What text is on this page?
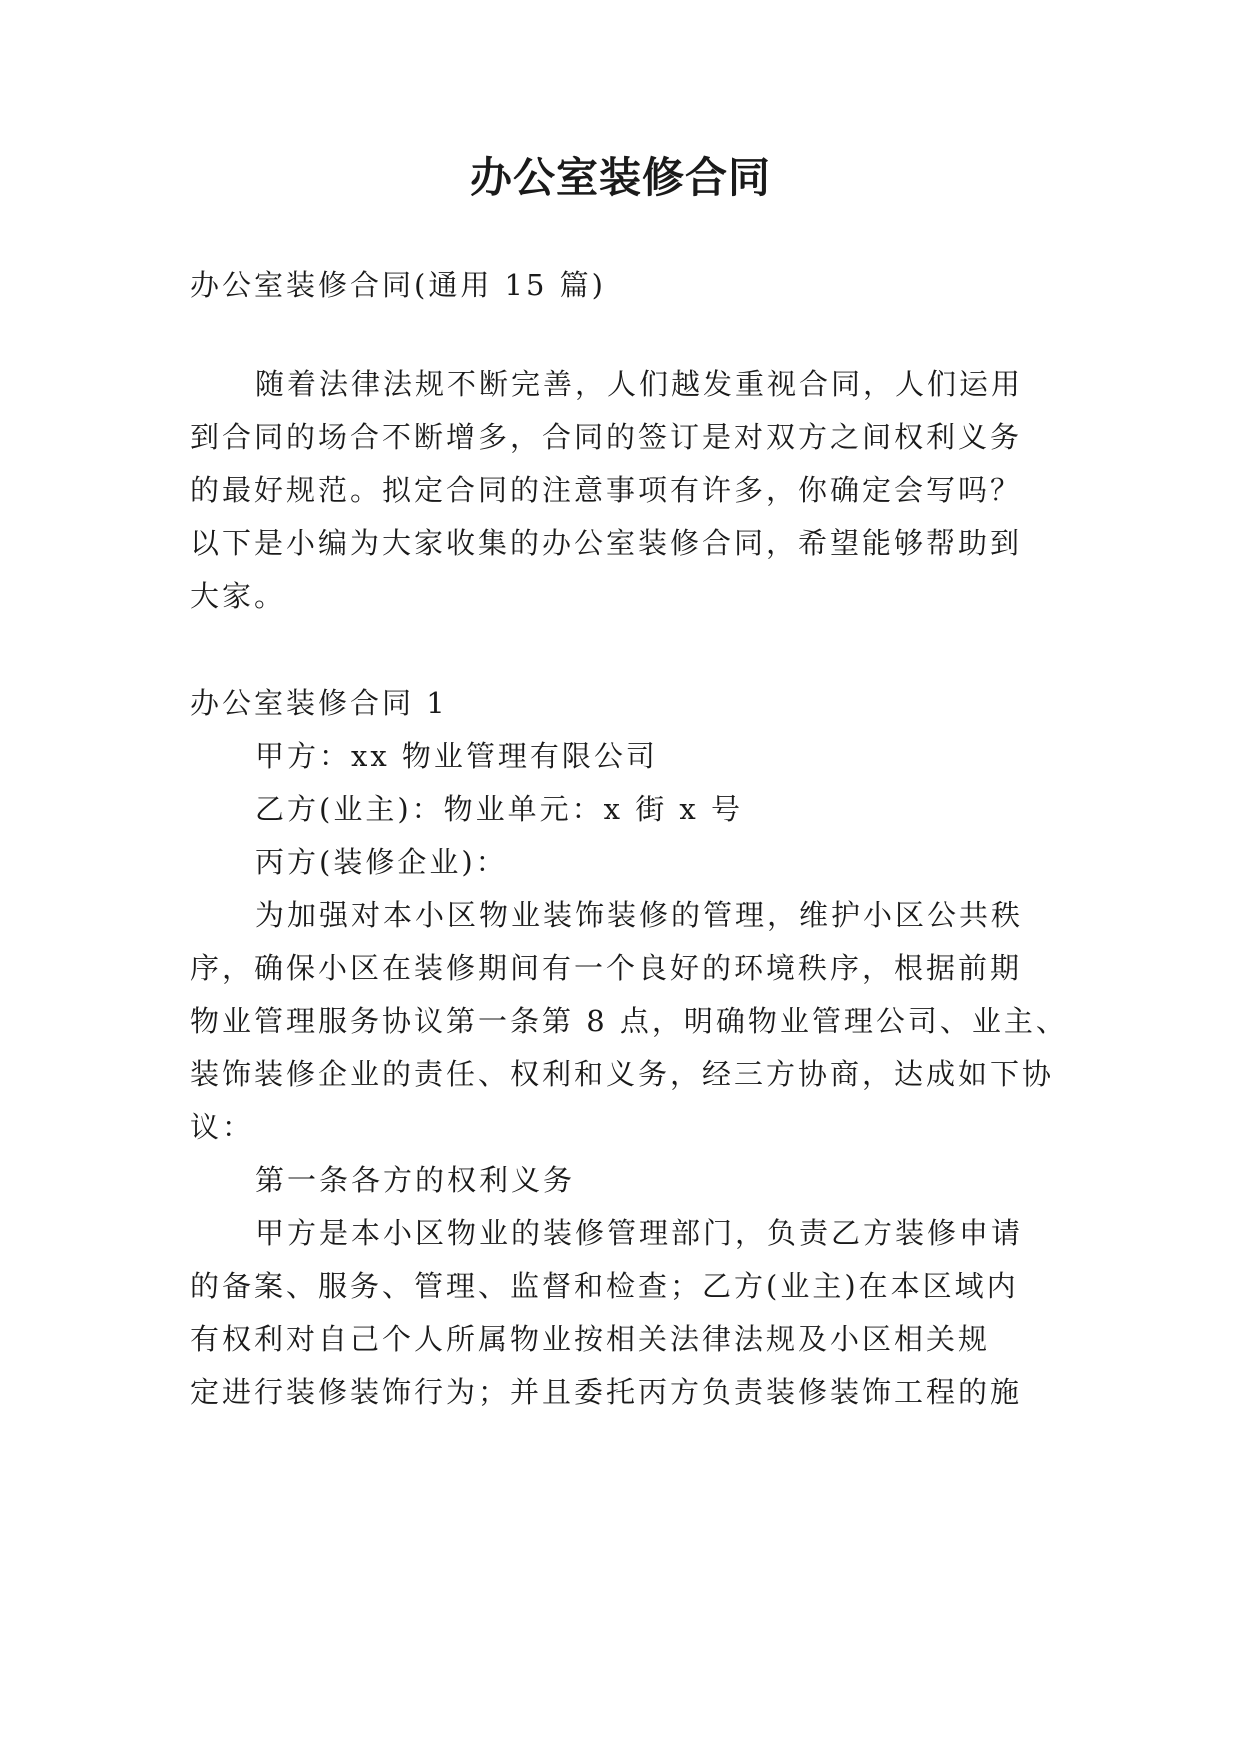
办公室装修合同
办公室装修合同(通用 15 篇)
随着法律法规不断完善，人们越发重视合同，人们运用
到合同的场合不断增多，合同的签订是对双方之间权利义务
的最好规范。拟定合同的注意事项有许多，你确定会写吗？
以下是小编为大家收集的办公室装修合同，希望能够帮助到
大家。
办公室装修合同 1
甲方：xx 物业管理有限公司
乙方(业主)：物业单元：x 街 x 号
丙方(装修企业)：
为加强对本小区物业装饰装修的管理，维护小区公共秩
序，确保小区在装修期间有一个良好的环境秩序，根据前期
物业管理服务协议第一条第 8 点，明确物业管理公司、业主、
装饰装修企业的责任、权利和义务，经三方协商，达成如下协
议：
第一条各方的权利义务
甲方是本小区物业的装修管理部门，负责乙方装修申请
的备案、服务、管理、监督和检查；乙方(业主)在本区域内
有权利对自己个人所属物业按相关法律法规及小区相关规
定进行装修装饰行为；并且委托丙方负责装修装饰工程的施
